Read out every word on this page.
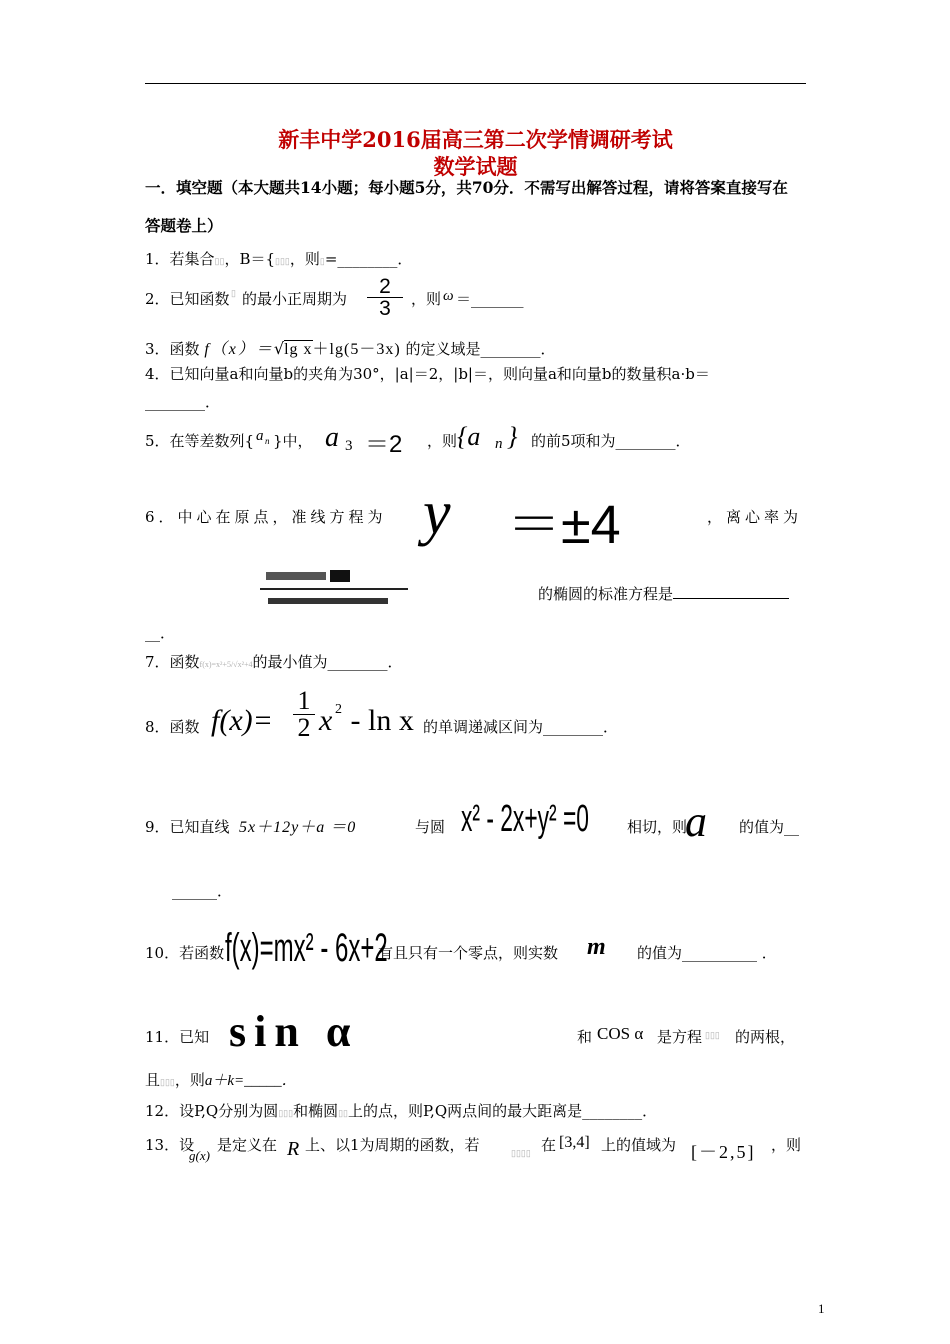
新丰中学2016届高三第二次学情调研考试
数学试题
一．填空题（本大题共14小题；每小题5分，共70分．不需写出解答过程，请将答案直接写在
答题卷上）
1．若集合▯▯，B＝{▯▯▯，则▯=________．
2．已知函数 ▯ 的最小正周期为
2
3	，则 ω ＝_______
3．函数 f（x）＝√lg x＋lg(5－3x) 的定义域是________．
4．已知向量a和向量b的夹角为30°，|a|＝2，|b|＝，则向量a和向量b的数量积a·b＝
________．
5．在等差数列{ a n }中， a 3 ＝2 ，则 {a n } 的前5项和为________．
6．中心在原点，准线方程为 y ＝±4	，离心率为
的椭圆的标准方程是
__．
7．函数f(x)=x²+5/√x²+4的最小值为________．
8．函数 f(x)=
1
2 x 2 - ln x 的单调递减区间为________．
9．已知直线 5x＋12y＋a ＝0	与圆 x² - 2x+y² =0	相切，则
a 的值为__
______．
10．若函数 f(x)=mx² - 6x+2
有且只有一个零点，则实数 m 的值为__________ ．
11．已知 sin α	和 COS α 是方程 ▯▯▯ 的两根，
且▯▯▯，则a＋k=_____．
12．设P,Q分别为圆▯▯▯和椭圆▯▯上的点，则P,Q两点间的最大距离是________．
13．设
g(x)
是定义在 R 上、以1为周期的函数，若	▯▯▯▯ 在 [3,4] 上的值域为 [－2,5] ，则
1
